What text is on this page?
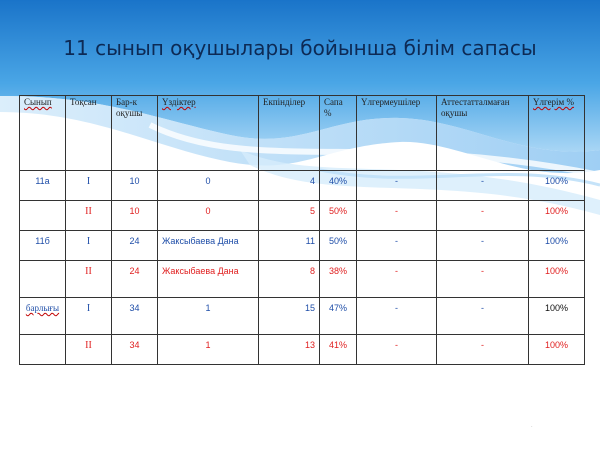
11 сынып оқушылары бойынша білім сапасы
Сынып	Тоқсан	Бар-к оқушы	Үздіктер	Екпінділер	Сапа %	Үлгермеушілер	Аттестатталмаған оқушы	Үлгерім %
11а	I	10	0	4	40%	-	-	100%
	II	10	0	5	50%	-	-	100%
11б	I	24	Жаксыбаева Дана	11	50%	-	-	100%
	II	24	Жаксыбаева Дана	8	38%	-	-	100%
барлығы	I	34	1	15	47%	-	-	100%
	II	34	1	13	41%	-	-	100%
·
